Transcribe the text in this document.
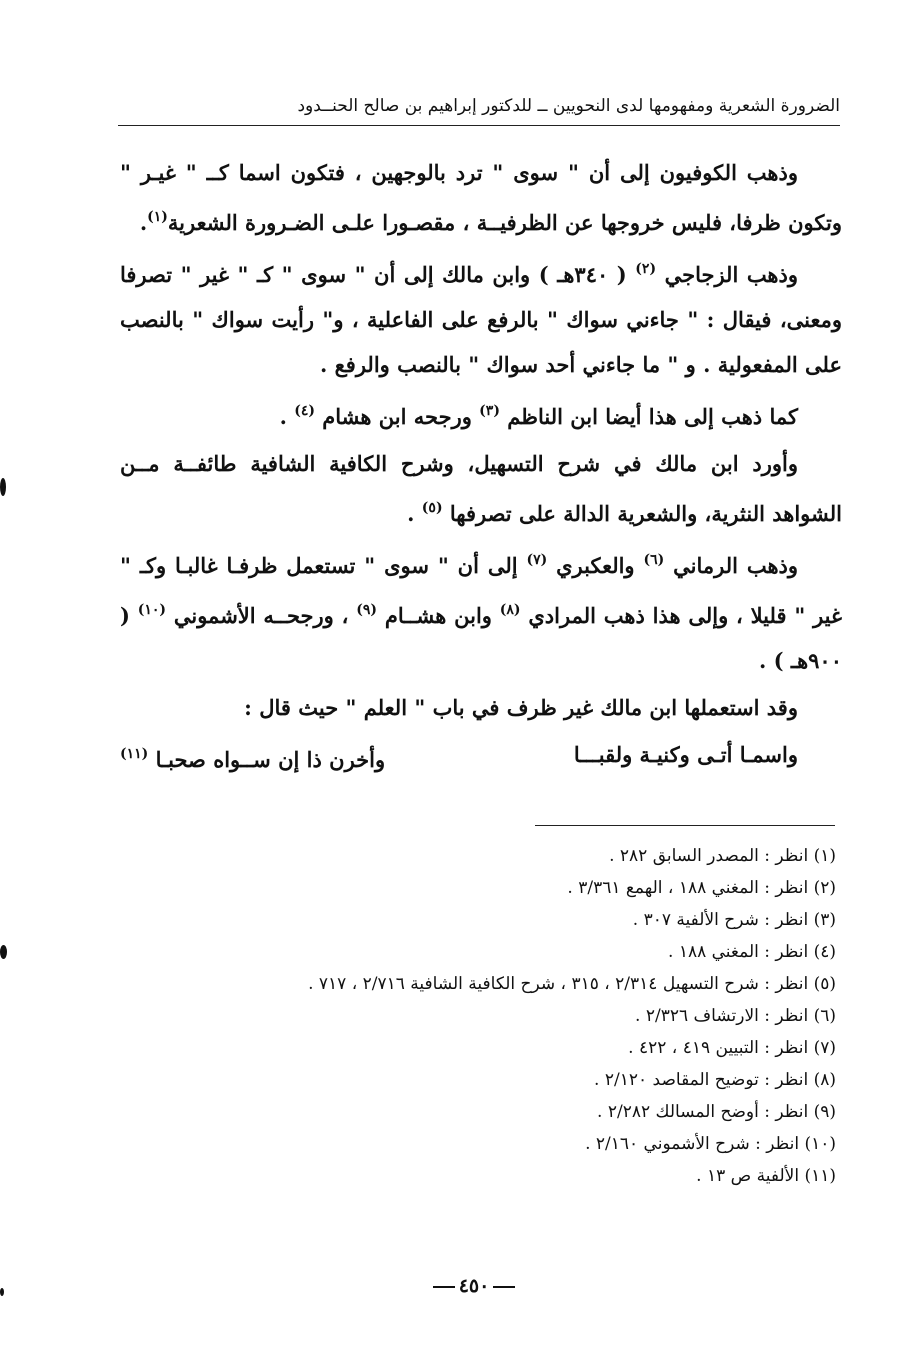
الضرورة الشعرية ومفهومها لدى النحويين ــ للدكتور إبراهيم بن صالح الحنــدود

وذهب الكوفيون إلى أن " سوى " ترد بالوجهين ، فتكون اسما كــ " غيـر " وتكون ظرفا، فليس خروجها عن الظرفيــة ، مقصـورا علـى الضـرورة الشعرية$^{(١)}$.

وذهب الزجاجي $^{(٢)}$ ( ٣٤٠هـ ) وابن مالك إلى أن " سوى " كـ " غير " تصرفا ومعنى، فيقال : " جاءني سواك " بالرفع على الفاعلية ، و" رأيت سواك " بالنصب على المفعولية . و " ما جاءني أحد سواك " بالنصب والرفع .

كما ذهب إلى هذا أيضا ابن الناظم $^{(٣)}$ ورجحه ابن هشام $^{(٤)}$ .

وأورد ابن مالك في شرح التسهيل، وشرح الكافية الشافية طائفــة مــن الشواهد النثرية، والشعرية الدالة على تصرفها $^{(٥)}$ .

وذهب الرماني $^{(٦)}$ والعكبري $^{(٧)}$ إلى أن " سوى " تستعمل ظرفـا غالبـا وكـ " غير " قليلا ، وإلى هذا ذهب المرادي $^{(٨)}$ وابن هشــام $^{(٩)}$ ، ورجحــه الأشموني $^{(١٠)}$ ( ٩٠٠هـ ) .

وقد استعملها ابن مالك غير ظرف في باب " العلم " حيث قال :

واسمـا أتـى وكنيـة ولقبـــا
وأخرن ذا إن ســواه صحبـا $^{(١١)}$
(١) انظر : المصدر السابق ٢٨٢ .
(٢) انظر : المغني ١٨٨ ، الهمع ٣/٣٦١ .
(٣) انظر : شرح الألفية ٣٠٧ .
(٤) انظر : المغني ١٨٨ .
(٥) انظر : شرح التسهيل ٢/٣١٤ ، ٣١٥ ، شرح الكافية الشافية ٢/٧١٦ ، ٧١٧ .
(٦) انظر : الارتشاف ٢/٣٢٦ .
(٧) انظر : التبيين ٤١٩ ، ٤٢٢ .
(٨) انظر : توضيح المقاصد ٢/١٢٠ .
(٩) انظر : أوضح المسالك ٢/٢٨٢ .
(١٠) انظر : شرح الأشموني ٢/١٦٠ .
(١١) الألفية ص ١٣ .
٤٥٠
